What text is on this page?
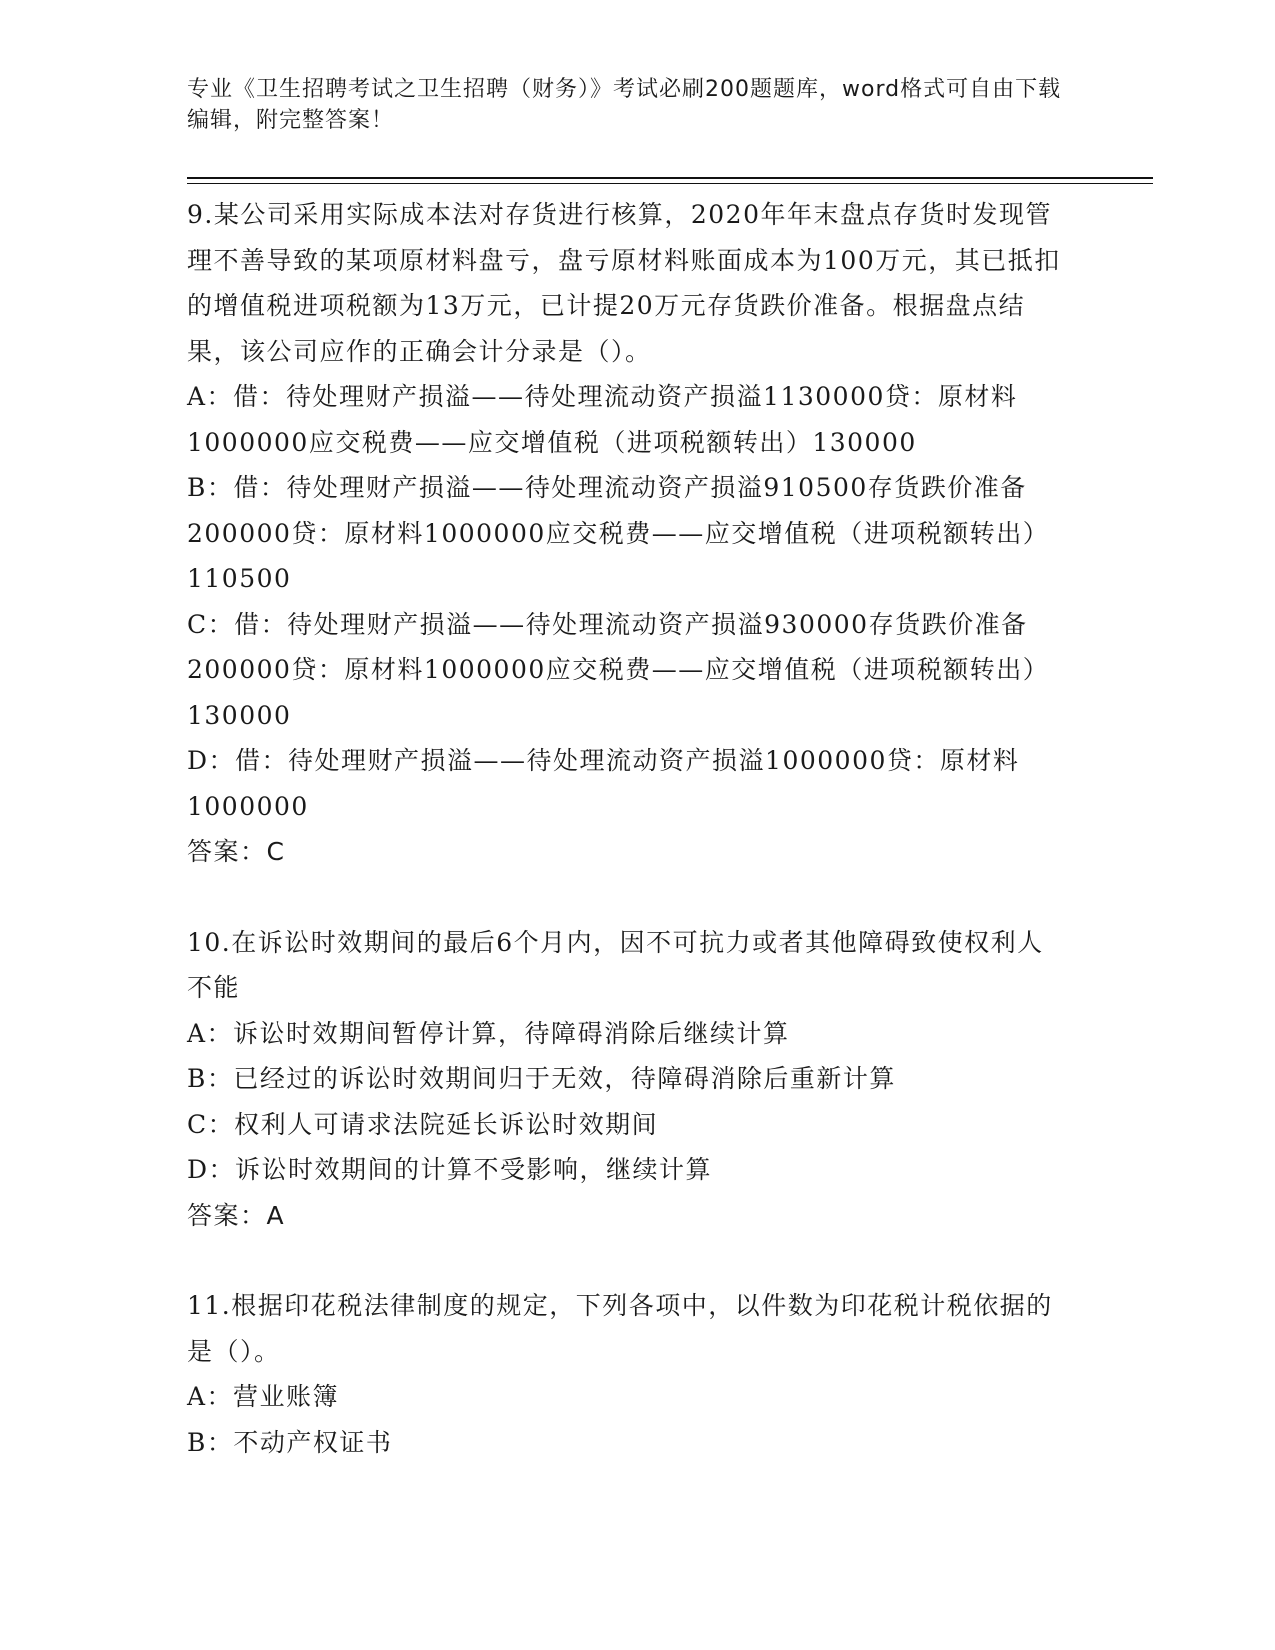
专业《卫生招聘考试之卫生招聘（财务）》考试必刷200题题库，word格式可自由下载编辑，附完整答案！

9.某公司采用实际成本法对存货进行核算，2020年年末盘点存货时发现管理不善导致的某项原材料盘亏，盘亏原材料账面成本为100万元，其已抵扣的增值税进项税额为13万元，已计提20万元存货跌价准备。根据盘点结果，该公司应作的正确会计分录是（）。

A：借：待处理财产损溢——待处理流动资产损溢1130000贷：原材料1000000应交税费——应交增值税（进项税额转出）130000

B：借：待处理财产损溢——待处理流动资产损溢910500存货跌价准备200000贷：原材料1000000应交税费——应交增值税（进项税额转出）110500

C：借：待处理财产损溢——待处理流动资产损溢930000存货跌价准备200000贷：原材料1000000应交税费——应交增值税（进项税额转出）130000

D：借：待处理财产损溢——待处理流动资产损溢1000000贷：原材料1000000

答案：C

10.在诉讼时效期间的最后6个月内，因不可抗力或者其他障碍致使权利人不能

A：诉讼时效期间暂停计算，待障碍消除后继续计算

B：已经过的诉讼时效期间归于无效，待障碍消除后重新计算

C：权利人可请求法院延长诉讼时效期间

D：诉讼时效期间的计算不受影响，继续计算

答案：A

11.根据印花税法律制度的规定，下列各项中，以件数为印花税计税依据的是（）。

A：营业账簿

B：不动产权证书
